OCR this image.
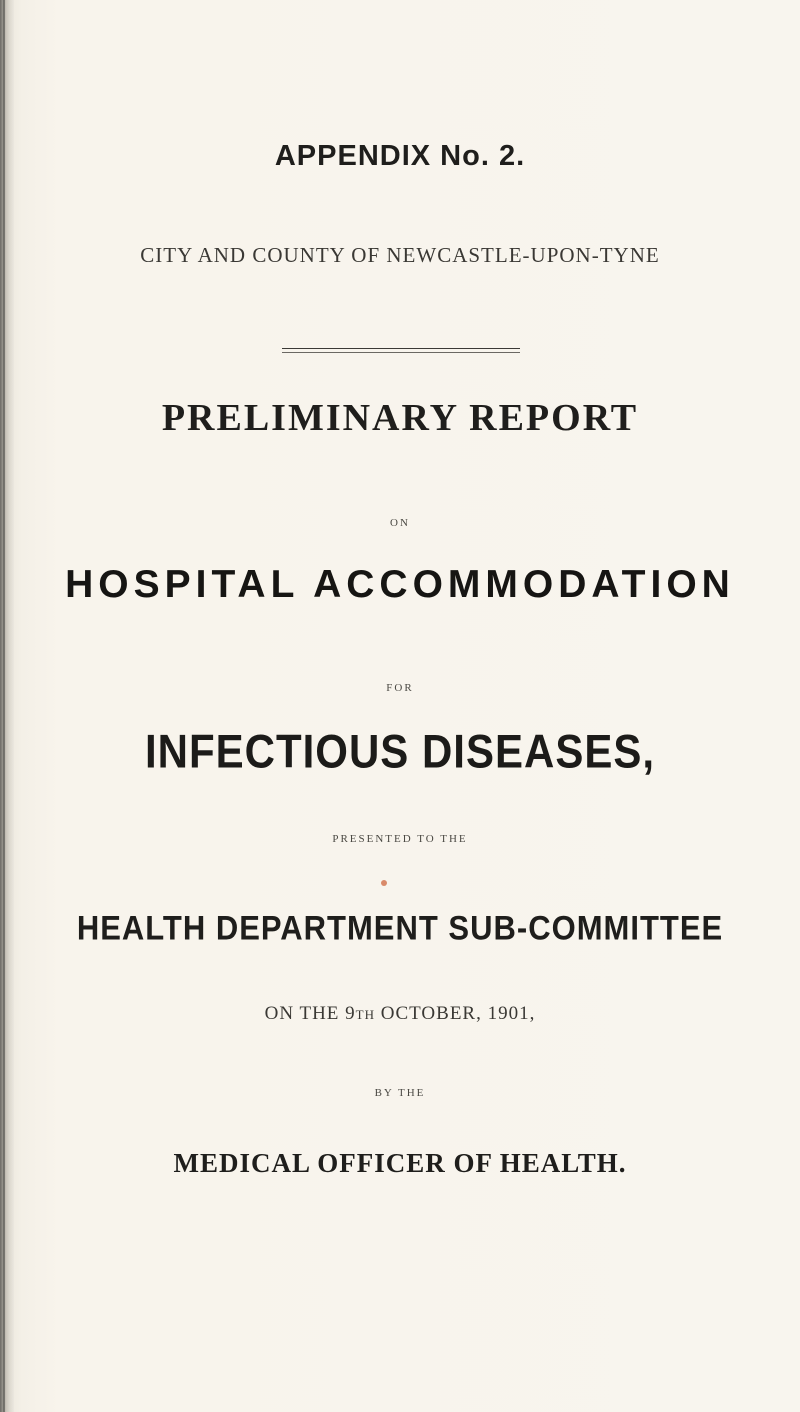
APPENDIX No. 2.

CITY AND COUNTY OF NEWCASTLE-UPON-TYNE

PRELIMINARY REPORT

ON

HOSPITAL ACCOMMODATION

FOR

INFECTIOUS DISEASES,

PRESENTED TO THE

HEALTH DEPARTMENT SUB-COMMITTEE

ON THE 9TH OCTOBER, 1901,

BY THE

MEDICAL OFFICER OF HEALTH.
